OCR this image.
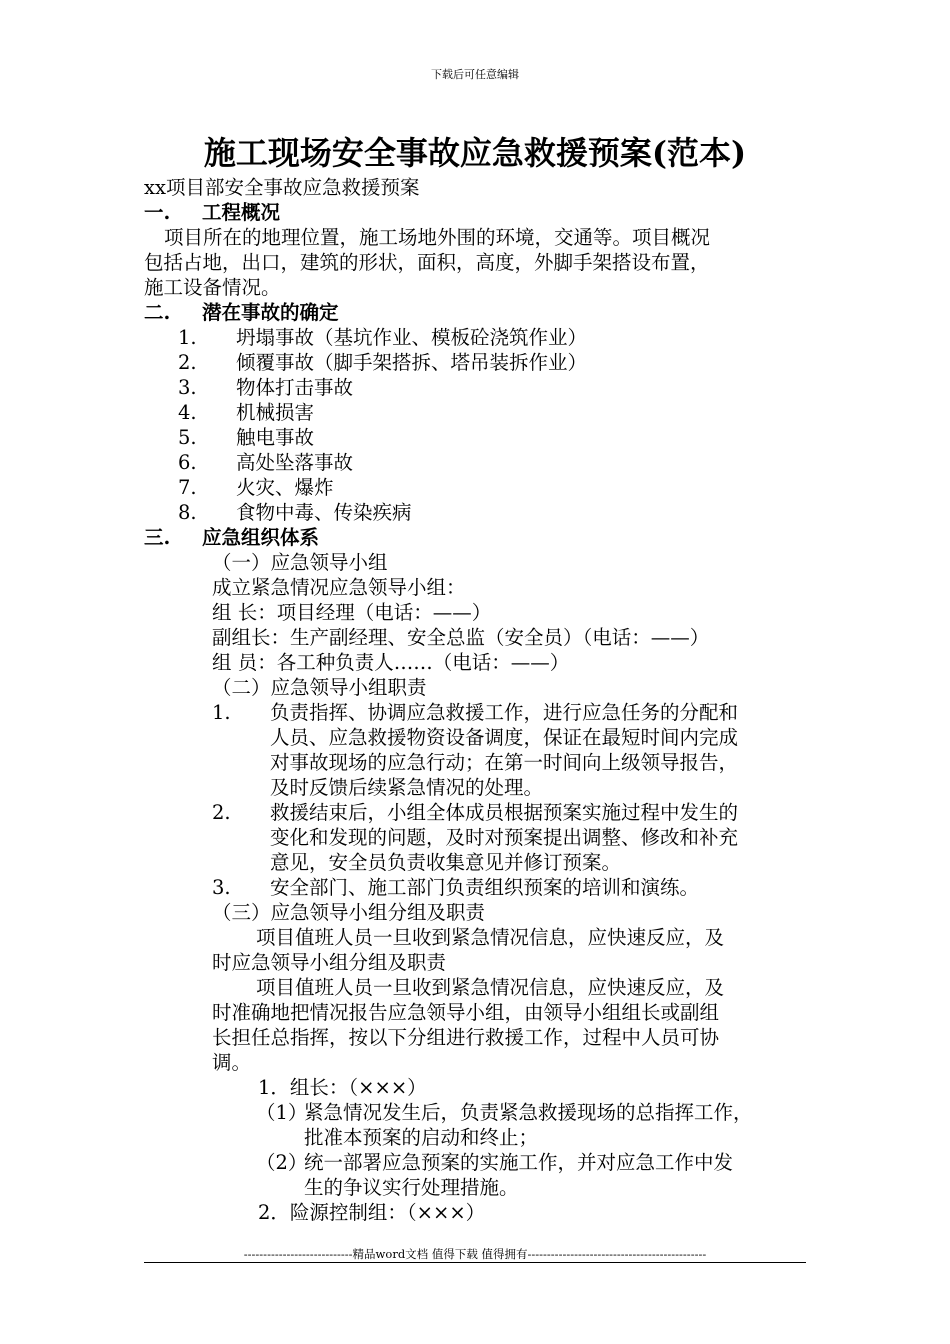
下载后可任意编辑
施工现场安全事故应急救援预案(范本)
xx项目部安全事故应急救援预案
一. 工程概况
项目所在的地理位置，施工场地外围的环境，交通等。项目概况
包括占地，出口，建筑的形状，面积，高度，外脚手架搭设布置，
施工设备情况。
二. 潜在事故的确定
1. 坍塌事故（基坑作业、模板砼浇筑作业）
2. 倾覆事故（脚手架搭拆、塔吊装拆作业）
3. 物体打击事故
4. 机械损害
5. 触电事故
6. 高处坠落事故
7. 火灾、爆炸
8. 食物中毒、传染疾病
三. 应急组织体系
（一）应急领导小组
成立紧急情况应急领导小组：
组 长：项目经理（电话：——）
副组长：生产副经理、安全总监（安全员）（电话：——）
组 员：各工种负责人……（电话：——）
（二）应急领导小组职责
1. 负责指挥、协调应急救援工作，进行应急任务的分配和
人员、应急救援物资设备调度，保证在最短时间内完成
对事故现场的应急行动；在第一时间向上级领导报告，
及时反馈后续紧急情况的处理。
2. 救援结束后，小组全体成员根据预案实施过程中发生的
变化和发现的问题，及时对预案提出调整、修改和补充
意见，安全员负责收集意见并修订预案。
3. 安全部门、施工部门负责组织预案的培训和演练。
（三）应急领导小组分组及职责
项目值班人员一旦收到紧急情况信息，应快速反应，及
时应急领导小组分组及职责
项目值班人员一旦收到紧急情况信息，应快速反应，及
时准确地把情况报告应急领导小组，由领导小组组长或副组
长担任总指挥，按以下分组进行救援工作，过程中人员可协
调。
1．组长：（×××）
（1）
紧急情况发生后，负责紧急救援现场的总指挥工作，
批准本预案的启动和终止；
（2）
统一部署应急预案的实施工作，并对应急工作中发
生的争议实行处理措施。
2．险源控制组：（×××）
----------------------------精品word文档 值得下载 值得拥有----------------------------------------------
